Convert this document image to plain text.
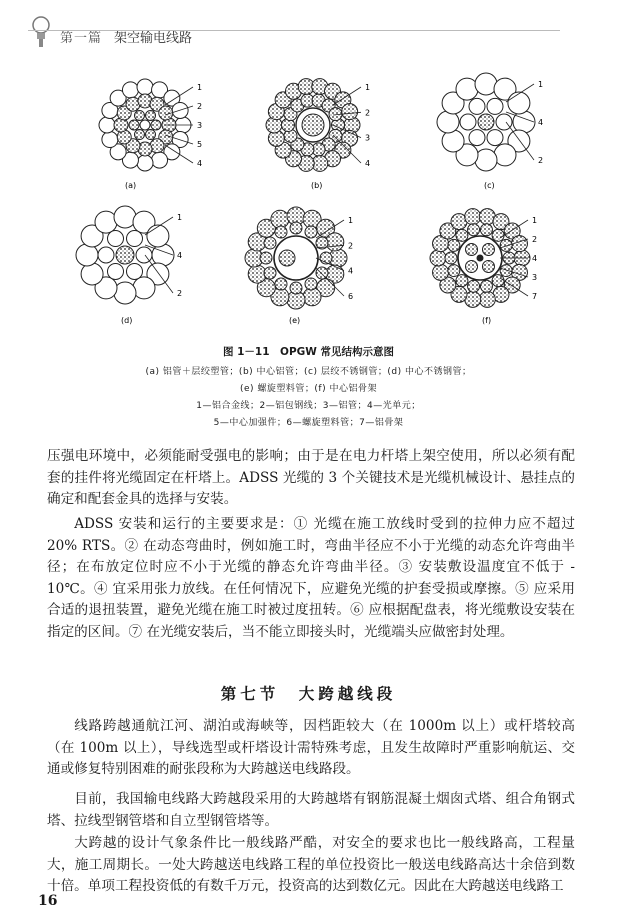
第一篇 架空输电线路
1
2
3
5
4
(a)
1
2
3
4
(b)
1
4
2
(c)
1
4
2
(d)
1
2
4
6
(e)
1
2
4
3
7
(f)
图 1－11　OPGW 常见结构示意图
(a) 铝管＋层绞塑管；(b) 中心铝管；(c) 层绞不锈钢管；(d) 中心不锈钢管；
(e) 螺旋塑料管；(f) 中心铝骨架
1—铝合金线；2—铝包钢线；3—铝管；4—光单元；
5—中心加强件；6—螺旋塑料管；7—铝骨架
压强电环境中，必须能耐受强电的影响；由于是在电力杆塔上架空使用，所以必须有配套的挂件将光缆固定在杆塔上。ADSS 光缆的 3 个关键技术是光缆机械设计、悬挂点的确定和配套金具的选择与安装。
ADSS 安装和运行的主要要求是：① 光缆在施工放线时受到的拉伸力应不超过 20% RTS。② 在动态弯曲时，例如施工时，弯曲半径应不小于光缆的动态允许弯曲半径；在布放定位时应不小于光缆的静态允许弯曲半径。③ 安装敷设温度宜不低于 - 10℃。④ 宜采用张力放线。在任何情况下，应避免光缆的护套受损或摩擦。⑤ 应采用合适的退扭装置，避免光缆在施工时被过度扭转。⑥ 应根据配盘表，将光缆敷设安装在指定的区间。⑦ 在光缆安装后，当不能立即接头时，光缆端头应做密封处理。
第七节　大跨越线段
线路跨越通航江河、湖泊或海峡等，因档距较大（在 1000m 以上）或杆塔较高（在 100m 以上），导线选型或杆塔设计需特殊考虑，且发生故障时严重影响航运、交通或修复特别困难的耐张段称为大跨越送电线路段。
目前，我国输电线路大跨越段采用的大跨越塔有钢筋混凝土烟囱式塔、组合角钢式塔、拉线型钢管塔和自立型钢管塔等。
大跨越的设计气象条件比一般线路严酷，对安全的要求也比一般线路高，工程量大，施工周期长。一处大跨越送电线路工程的单位投资比一般送电线路高达十余倍到数十倍。单项工程投资低的有数千万元，投资高的达到数亿元。因此在大跨越送电线路工
16
